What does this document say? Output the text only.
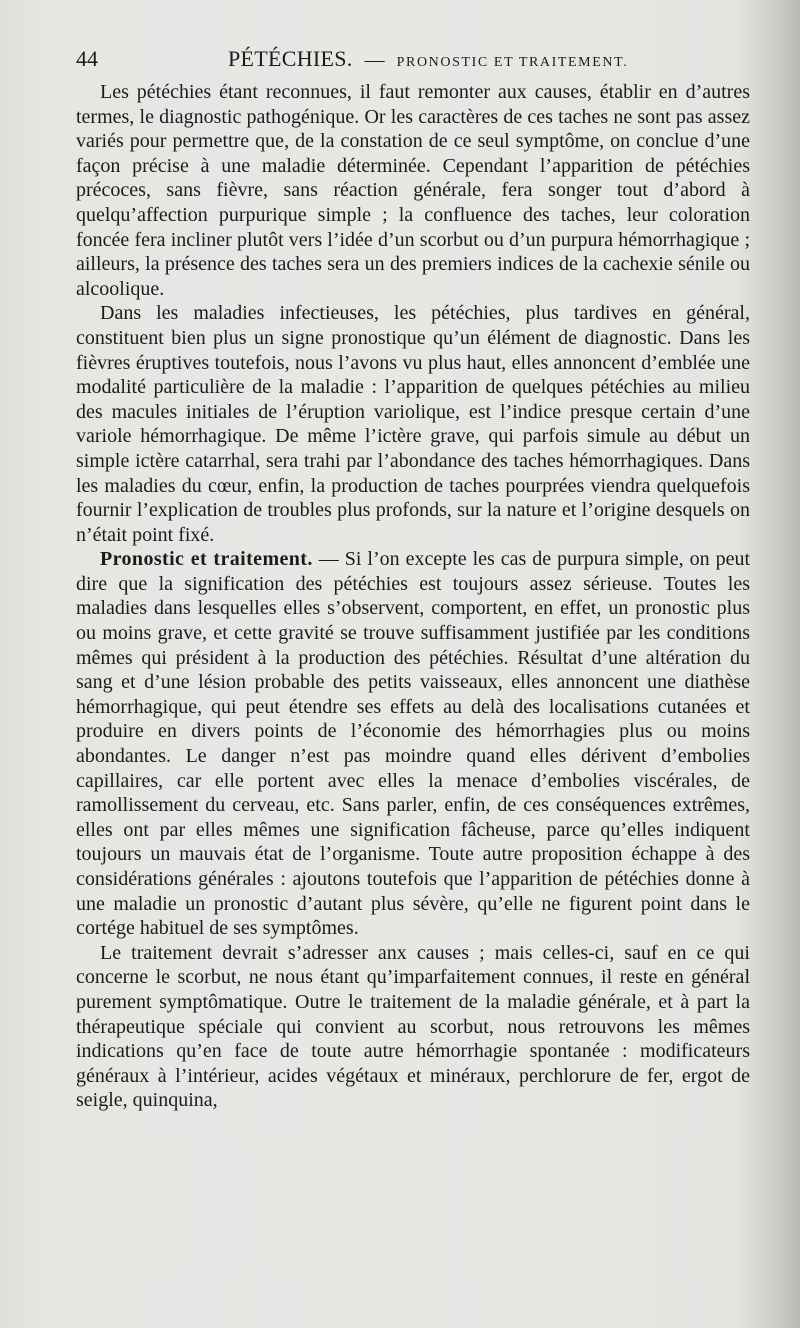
44	PÉTÉCHIES. — PRONOSTIC ET TRAITEMENT.

Les pétéchies étant reconnues, il faut remonter aux causes, établir en d’autres termes, le diagnostic pathogénique. Or les caractères de ces taches ne sont pas assez variés pour permettre que, de la constation de ce seul symptôme, on conclue d’une façon précise à une maladie déterminée. Cependant l’apparition de pétéchies précoces, sans fièvre, sans réaction générale, fera songer tout d’abord à quelqu’affection purpurique simple ; la confluence des taches, leur coloration foncée fera incliner plutôt vers l’idée d’un scorbut ou d’un purpura hémorrhagique ; ailleurs, la présence des taches sera un des premiers indices de la cachexie sénile ou alcoolique.

Dans les maladies infectieuses, les pétéchies, plus tardives en général, constituent bien plus un signe pronostique qu’un élément de diagnostic. Dans les fièvres éruptives toutefois, nous l’avons vu plus haut, elles annoncent d’emblée une modalité particulière de la maladie : l’apparition de quelques pétéchies au milieu des macules initiales de l’éruption variolique, est l’indice presque certain d’une variole hémorrhagique. De même l’ictère grave, qui parfois simule au début un simple ictère catarrhal, sera trahi par l’abondance des taches hémorrhagiques. Dans les maladies du cœur, enfin, la production de taches pourprées viendra quelquefois fournir l’explication de troubles plus profonds, sur la nature et l’origine desquels on n’était point fixé.

Pronostic et traitement. — Si l’on excepte les cas de purpura simple, on peut dire que la signification des pétéchies est toujours assez sérieuse. Toutes les maladies dans lesquelles elles s’observent, comportent, en effet, un pronostic plus ou moins grave, et cette gravité se trouve suffisamment justifiée par les conditions mêmes qui président à la production des pétéchies. Résultat d’une altération du sang et d’une lésion probable des petits vaisseaux, elles annoncent une diathèse hémorrhagique, qui peut étendre ses effets au delà des localisations cutanées et produire en divers points de l’économie des hémorrhagies plus ou moins abondantes. Le danger n’est pas moindre quand elles dérivent d’embolies capillaires, car elle portent avec elles la menace d’embolies viscérales, de ramollissement du cerveau, etc. Sans parler, enfin, de ces conséquences extrêmes, elles ont par elles mêmes une signification fâcheuse, parce qu’elles indiquent toujours un mauvais état de l’organisme. Toute autre proposition échappe à des considérations générales : ajoutons toutefois que l’apparition de pétéchies donne à une maladie un pronostic d’autant plus sévère, qu’elle ne figurent point dans le cortége habituel de ses symptômes.

Le traitement devrait s’adresser anx causes ; mais celles-ci, sauf en ce qui concerne le scorbut, ne nous étant qu’imparfaitement connues, il reste en général purement symptômatique. Outre le traitement de la maladie générale, et à part la thérapeutique spéciale qui convient au scorbut, nous retrouvons les mêmes indications qu’en face de toute autre hémorrhagie spontanée : modificateurs généraux à l’intérieur, acides végétaux et minéraux, perchlorure de fer, ergot de seigle, quinquina,
